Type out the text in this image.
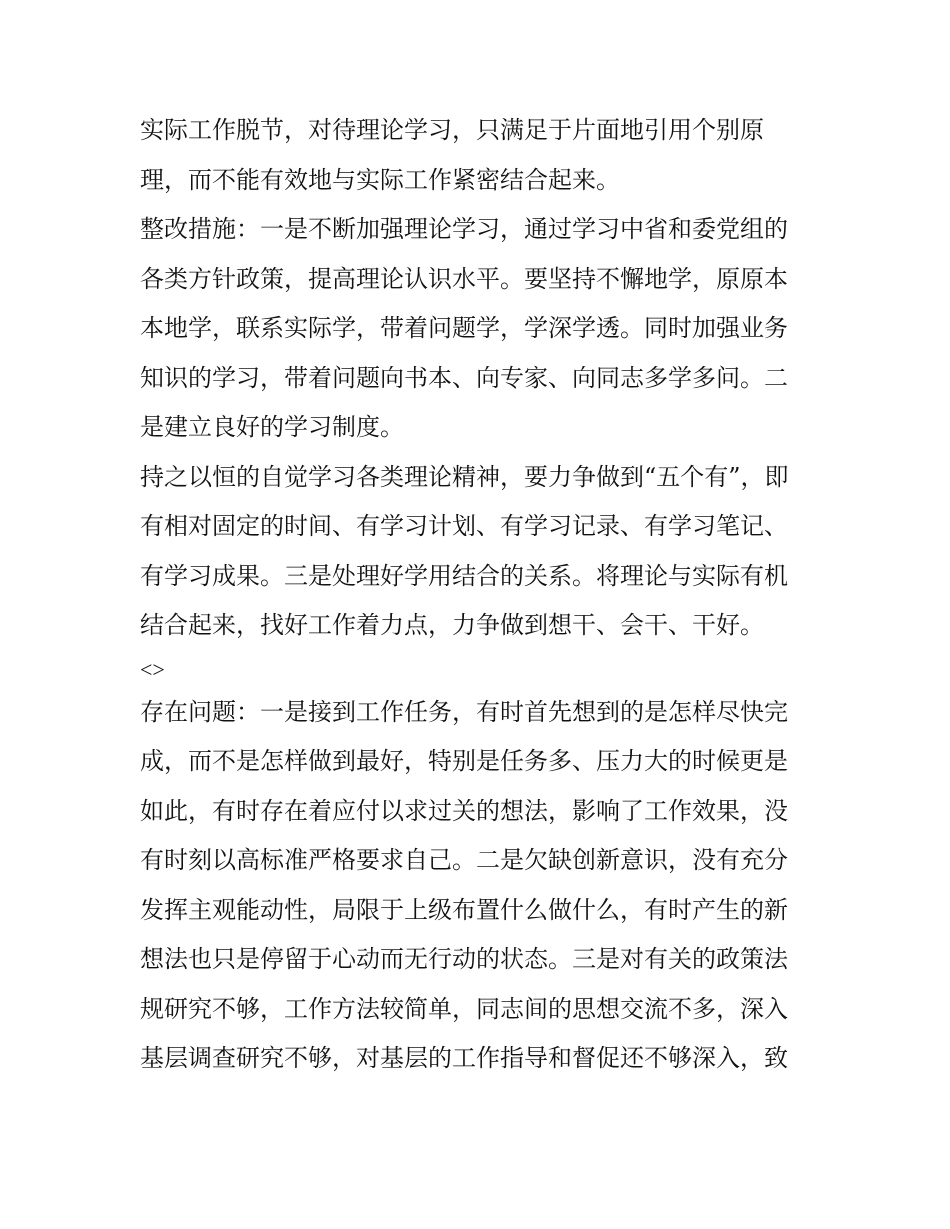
实际工作脱节，对待理论学习，只满足于片面地引用个别原
理，而不能有效地与实际工作紧密结合起来。
整改措施：一是不断加强理论学习，通过学习中省和委党组的
各类方针政策，提高理论认识水平。要坚持不懈地学，原原本
本地学，联系实际学，带着问题学，学深学透。同时加强业务
知识的学习，带着问题向书本、向专家、向同志多学多问。二
是建立良好的学习制度。
持之以恒的自觉学习各类理论精神，要力争做到“五个有”，即
有相对固定的时间、有学习计划、有学习记录、有学习笔记、
有学习成果。三是处理好学用结合的关系。将理论与实际有机
结合起来，找好工作着力点，力争做到想干、会干、干好。
<>
存在问题：一是接到工作任务，有时首先想到的是怎样尽快完
成，而不是怎样做到最好，特别是任务多、压力大的时候更是
如此，有时存在着应付以求过关的想法，影响了工作效果，没
有时刻以高标准严格要求自己。二是欠缺创新意识，没有充分
发挥主观能动性，局限于上级布置什么做什么，有时产生的新
想法也只是停留于心动而无行动的状态。三是对有关的政策法
规研究不够，工作方法较简单，同志间的思想交流不多，深入
基层调查研究不够，对基层的工作指导和督促还不够深入，致
